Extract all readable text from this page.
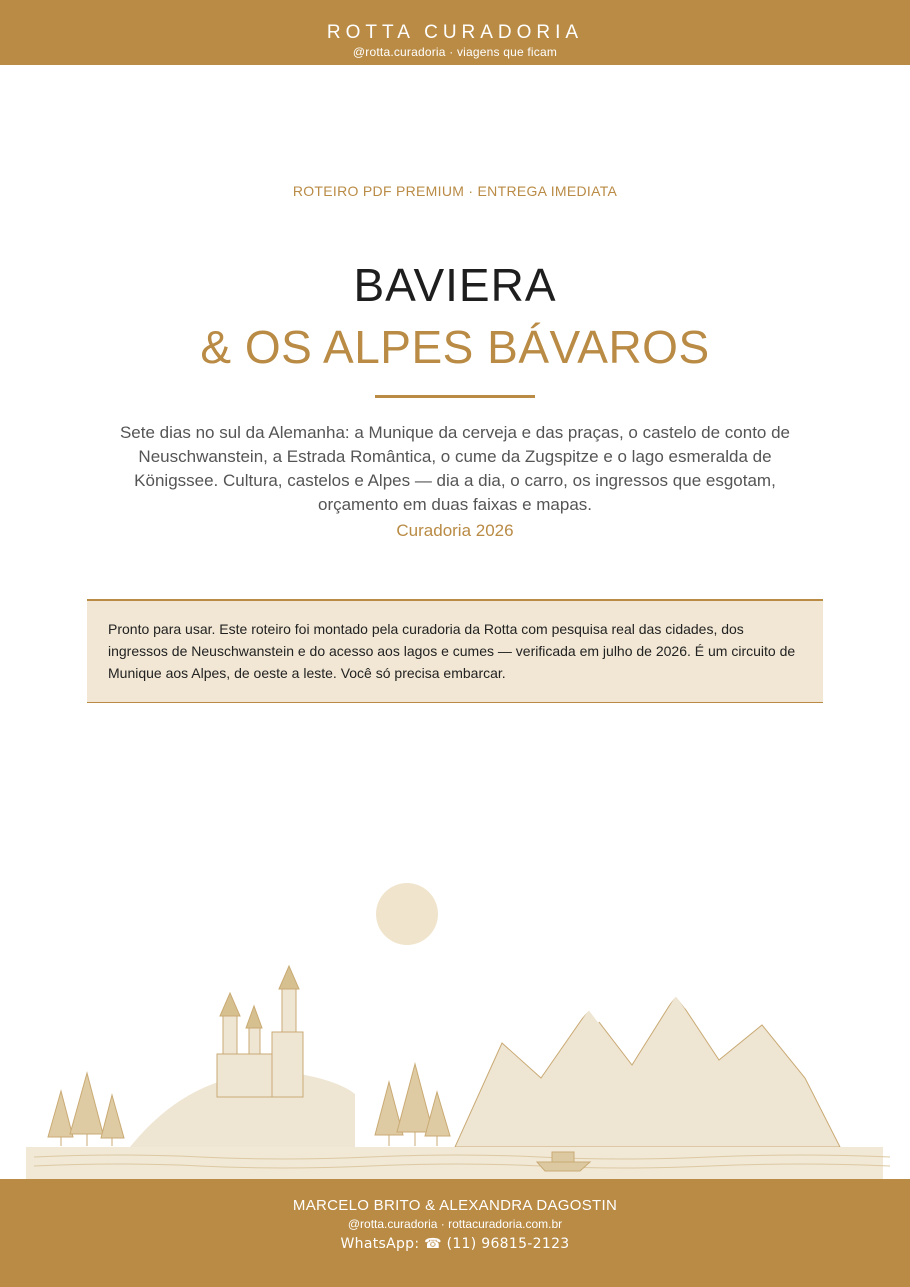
ROTTA CURADORIA
@rotta.curadoria · viagens que ficam
ROTEIRO PDF PREMIUM · ENTREGA IMEDIATA
BAVIERA
& OS ALPES BÁVAROS
Sete dias no sul da Alemanha: a Munique da cerveja e das praças, o castelo de conto de Neuschwanstein, a Estrada Romântica, o cume da Zugspitze e o lago esmeralda de Königssee. Cultura, castelos e Alpes — dia a dia, o carro, os ingressos que esgotam, orçamento em duas faixas e mapas.
Curadoria 2026
Pronto para usar. Este roteiro foi montado pela curadoria da Rotta com pesquisa real das cidades, dos ingressos de Neuschwanstein e do acesso aos lagos e cumes — verificada em julho de 2026. É um circuito de Munique aos Alpes, de oeste a leste. Você só precisa embarcar.
MARCELO BRITO & ALEXANDRA DAGOSTIN
@rotta.curadoria · rottacuradoria.com.br
WhatsApp: ☎ (11) 96815-2123
